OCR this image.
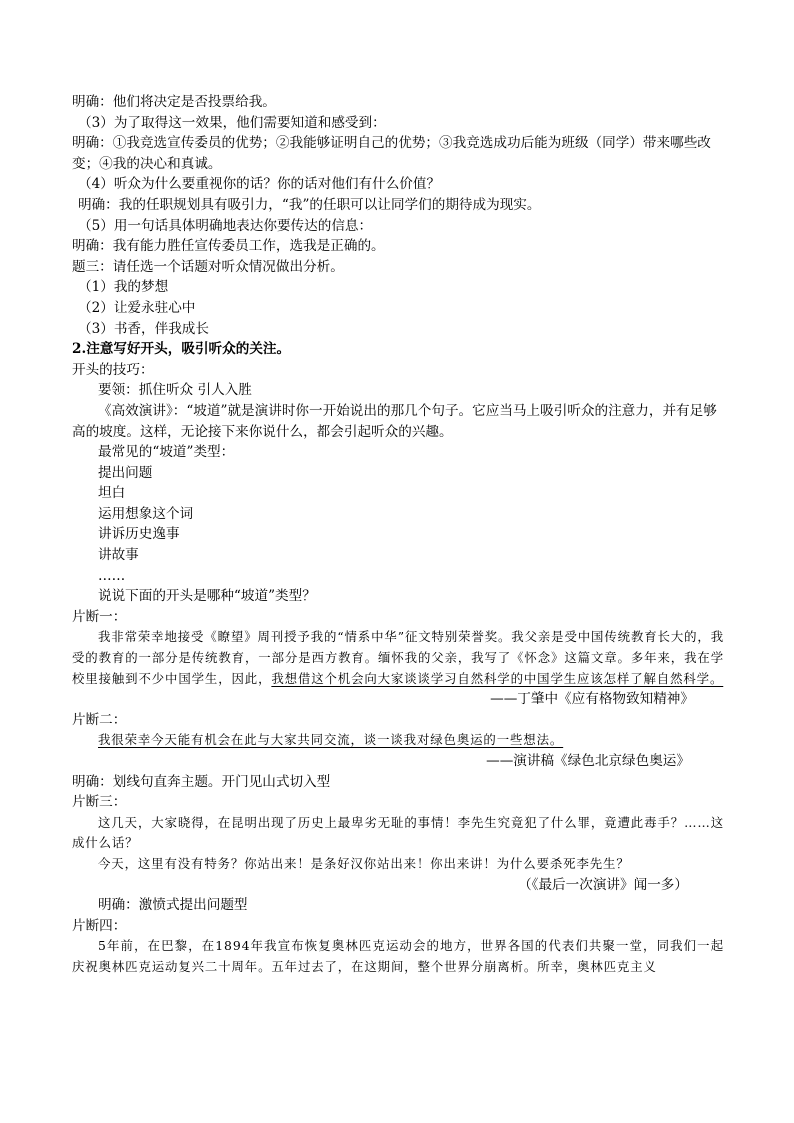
明确：他们将决定是否投票给我。
（3）为了取得这一效果，他们需要知道和感受到：
明确：①我竞选宣传委员的优势；②我能够证明自己的优势；③我竞选成功后能为班级（同学）带来哪些改变；④我的决心和真诚。
（4）听众为什么要重视你的话？你的话对他们有什么价值？
明确：我的任职规划具有吸引力，“我”的任职可以让同学们的期待成为现实。
（5）用一句话具体明确地表达你要传达的信息：
明确：我有能力胜任宣传委员工作，选我是正确的。
题三：请任选一个话题对听众情况做出分析。
（1）我的梦想
（2）让爱永驻心中
（3）书香，伴我成长
2.注意写好开头，吸引听众的关注。
开头的技巧：
要领：抓住听众 引人入胜
《高效演讲》：“坡道”就是演讲时你一开始说出的那几个句子。它应当马上吸引听众的注意力，并有足够高的坡度。这样，无论接下来你说什么，都会引起听众的兴趣。
最常见的“坡道”类型：
提出问题
坦白
运用想象这个词
讲诉历史逸事
讲故事
……
说说下面的开头是哪种“坡道”类型？
片断一：
我非常荣幸地接受《瞭望》周刊授予我的“情系中华”征文特别荣誉奖。我父亲是受中国传统教育长大的，我受的教育的一部分是传统教育，一部分是西方教育。缅怀我的父亲，我写了《怀念》这篇文章。多年来，我在学校里接触到不少中国学生，因此，我想借这个机会向大家谈谈学习自然科学的中国学生应该怎样了解自然科学。
——丁肇中《应有格物致知精神》
片断二：
我很荣幸今天能有机会在此与大家共同交流，谈一谈我对绿色奥运的一些想法。
——演讲稿《绿色北京绿色奥运》
明确：划线句直奔主题。开门见山式切入型
片断三：
这几天，大家晓得，在昆明出现了历史上最卑劣无耻的事情！李先生究竟犯了什么罪，竟遭此毒手？……这成什么话？
今天，这里有没有特务？你站出来！是条好汉你站出来！你出来讲！为什么要杀死李先生？
（《最后一次演讲》闻一多）
明确：激愤式提出问题型
片断四：
5年前，在巴黎，在1894年我宣布恢复奥林匹克运动会的地方，世界各国的代表们共聚一堂，同我们一起庆祝奥林匹克运动复兴二十周年。五年过去了，在这期间，整个世界分崩离析。所幸，奥林匹克主义
